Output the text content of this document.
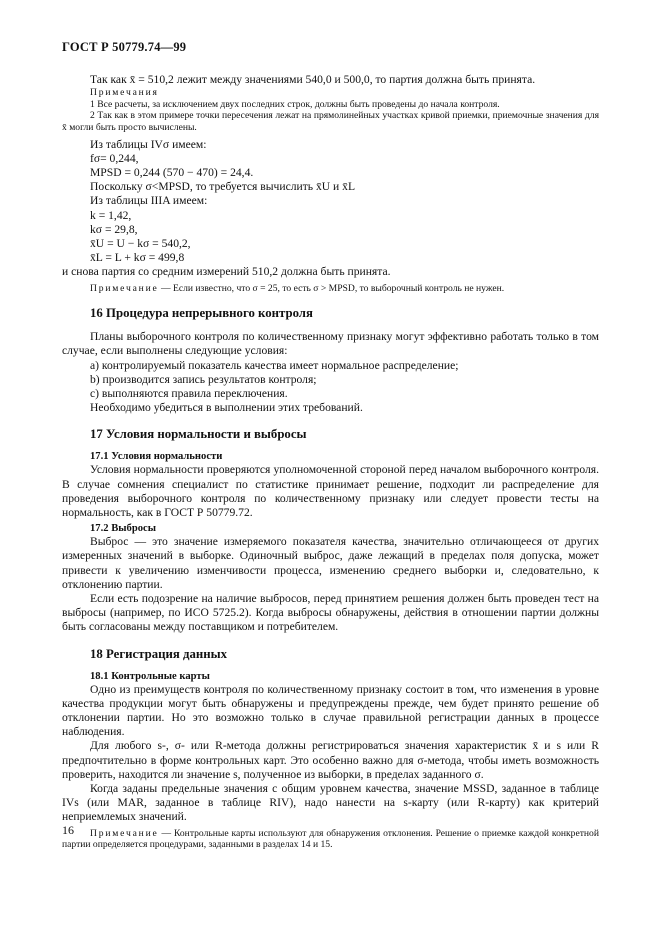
ГОСТ Р 50779.74—99

Так как x̄ = 510,2 лежит между значениями 540,0 и 500,0, то партия должна быть принята.

Примечания

1 Все расчеты, за исключением двух последних строк, должны быть проведены до начала контроля.

2 Так как в этом примере точки пересечения лежат на прямолинейных участках кривой приемки, приемочные значения для x̄ могли быть просто вычислены.

Из таблицы IVσ имеем:

fσ= 0,244,

MPSD = 0,244 (570 − 470) = 24,4.

Поскольку σ<MPSD, то требуется вычислить x̄U и x̄L

Из таблицы IIIA имеем:

k = 1,42,

kσ = 29,8,

x̄U = U − kσ = 540,2,

x̄L = L + kσ = 499,8

и снова партия со средним измерений 510,2 должна быть принята.

Примечание — Если известно, что σ = 25, то есть σ > MPSD, то выборочный контроль не нужен.

16 Процедура непрерывного контроля

Планы выборочного контроля по количественному признаку могут эффективно работать только в том случае, если выполнены следующие условия:

a) контролируемый показатель качества имеет нормальное распределение;

b) производится запись результатов контроля;

c) выполняются правила переключения.

Необходимо убедиться в выполнении этих требований.

17 Условия нормальности и выбросы
17.1 Условия нормальности

Условия нормальности проверяются уполномоченной стороной перед началом выборочного контроля. В случае сомнения специалист по статистике принимает решение, подходит ли распределение для проведения выборочного контроля по количественному признаку или следует провести тесты на нормальность, как в ГОСТ Р 50779.72.

17.2 Выбросы

Выброс — это значение измеряемого показателя качества, значительно отличающееся от других измеренных значений в выборке. Одиночный выброс, даже лежащий в пределах поля допуска, может привести к увеличению изменчивости процесса, изменению среднего выборки и, следовательно, к отклонению партии.

Если есть подозрение на наличие выбросов, перед принятием решения должен быть проведен тест на выбросы (например, по ИСО 5725.2). Когда выбросы обнаружены, действия в отношении партии должны быть согласованы между поставщиком и потребителем.

18 Регистрация данных
18.1 Контрольные карты

Одно из преимуществ контроля по количественному признаку состоит в том, что изменения в уровне качества продукции могут быть обнаружены и предупреждены прежде, чем будет принято решение об отклонении партии. Но это возможно только в случае правильной регистрации данных в процессе наблюдения.

Для любого s-, σ- или R-метода должны регистрироваться значения характеристик x̄ и s или R предпочтительно в форме контрольных карт. Это особенно важно для σ-метода, чтобы иметь возможность проверить, находится ли значение s, полученное из выборки, в пределах заданного σ.

Когда заданы предельные значения с общим уровнем качества, значение MSSD, заданное в таблице IVs (или MAR, заданное в таблице RIV), надо нанести на s-карту (или R-карту) как критерий неприемлемых значений.

Примечание — Контрольные карты используют для обнаружения отклонения. Решение о приемке каждой конкретной партии определяется процедурами, заданными в разделах 14 и 15.

16
